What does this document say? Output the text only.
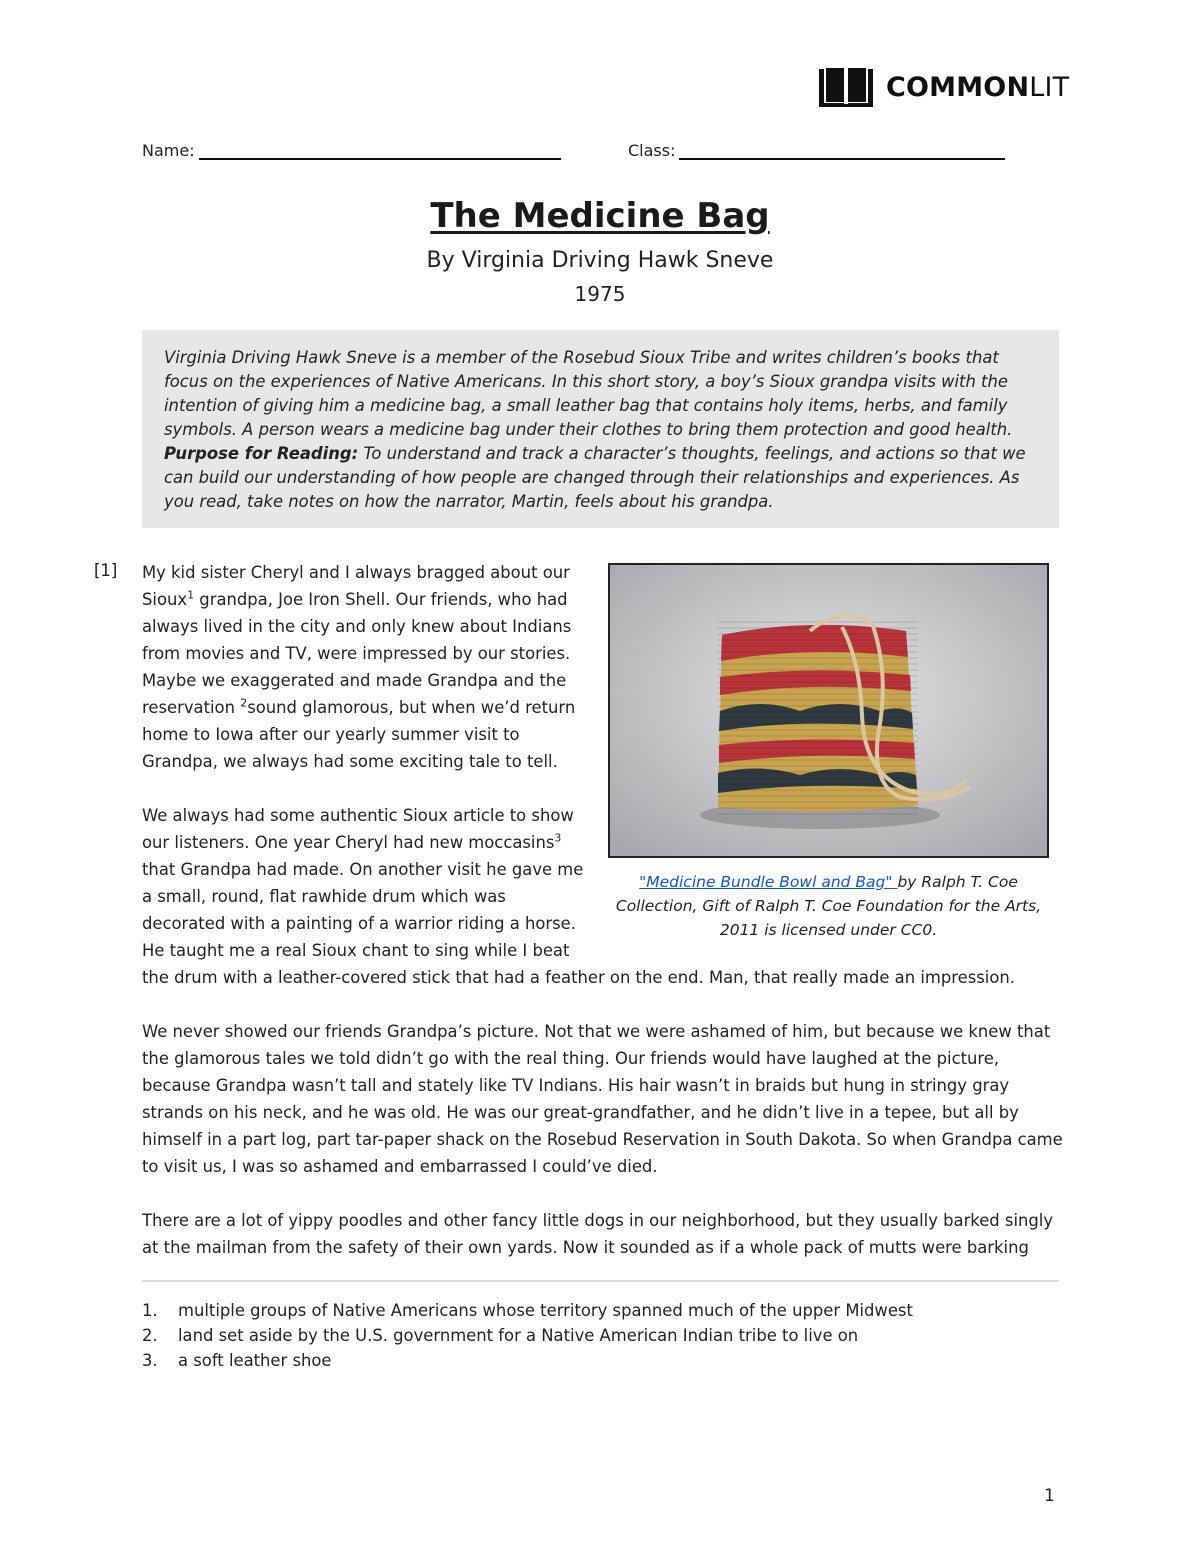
COMMONLIT
Name:	Class:
The Medicine Bag
By Virginia Driving Hawk Sneve
1975
Virginia Driving Hawk Sneve is a member of the Rosebud Sioux Tribe and writes children’s books that focus on the experiences of Native Americans. In this short story, a boy’s Sioux grandpa visits with the intention of giving him a medicine bag, a small leather bag that contains holy items, herbs, and family symbols. A person wears a medicine bag under their clothes to bring them protection and good health. Purpose for Reading: To understand and track a character’s thoughts, feelings, and actions so that we can build our understanding of how people are changed through their relationships and experiences. As you read, take notes on how the narrator, Martin, feels about his grandpa.
[1] My kid sister Cheryl and I always bragged about our
Sioux$^1$ grandpa, Joe Iron Shell. Our friends, who had
always lived in the city and only knew about Indians
from movies and TV, were impressed by our stories.
Maybe we exaggerated and made Grandpa and the
reservation $^2$sound glamorous, but when we’d return
home to Iowa after our yearly summer visit to
Grandpa, we always had some exciting tale to tell.
We always had some authentic Sioux article to show
our listeners. One year Cheryl had new moccasins$^3$
that Grandpa had made. On another visit he gave me
a small, round, flat rawhide drum which was
decorated with a painting of a warrior riding a horse.
He taught me a real Sioux chant to sing while I beat
the drum with a leather-covered stick that had a feather on the end. Man, that really made an impression.
"Medicine Bundle Bowl and Bag" by Ralph T. Coe
Collection, Gift of Ralph T. Coe Foundation for the Arts,
2011 is licensed under CC0.
We never showed our friends Grandpa’s picture. Not that we were ashamed of him, but because we knew that
the glamorous tales we told didn’t go with the real thing. Our friends would have laughed at the picture,
because Grandpa wasn’t tall and stately like TV Indians. His hair wasn’t in braids but hung in stringy gray
strands on his neck, and he was old. He was our great-grandfather, and he didn’t live in a tepee, but all by
himself in a part log, part tar-paper shack on the Rosebud Reservation in South Dakota. So when Grandpa came
to visit us, I was so ashamed and embarrassed I could’ve died.
There are a lot of yippy poodles and other fancy little dogs in our neighborhood, but they usually barked singly
at the mailman from the safety of their own yards. Now it sounded as if a whole pack of mutts were barking
1.	multiple groups of Native Americans whose territory spanned much of the upper Midwest
2.	land set aside by the U.S. government for a Native American Indian tribe to live on
3.	a soft leather shoe
1
